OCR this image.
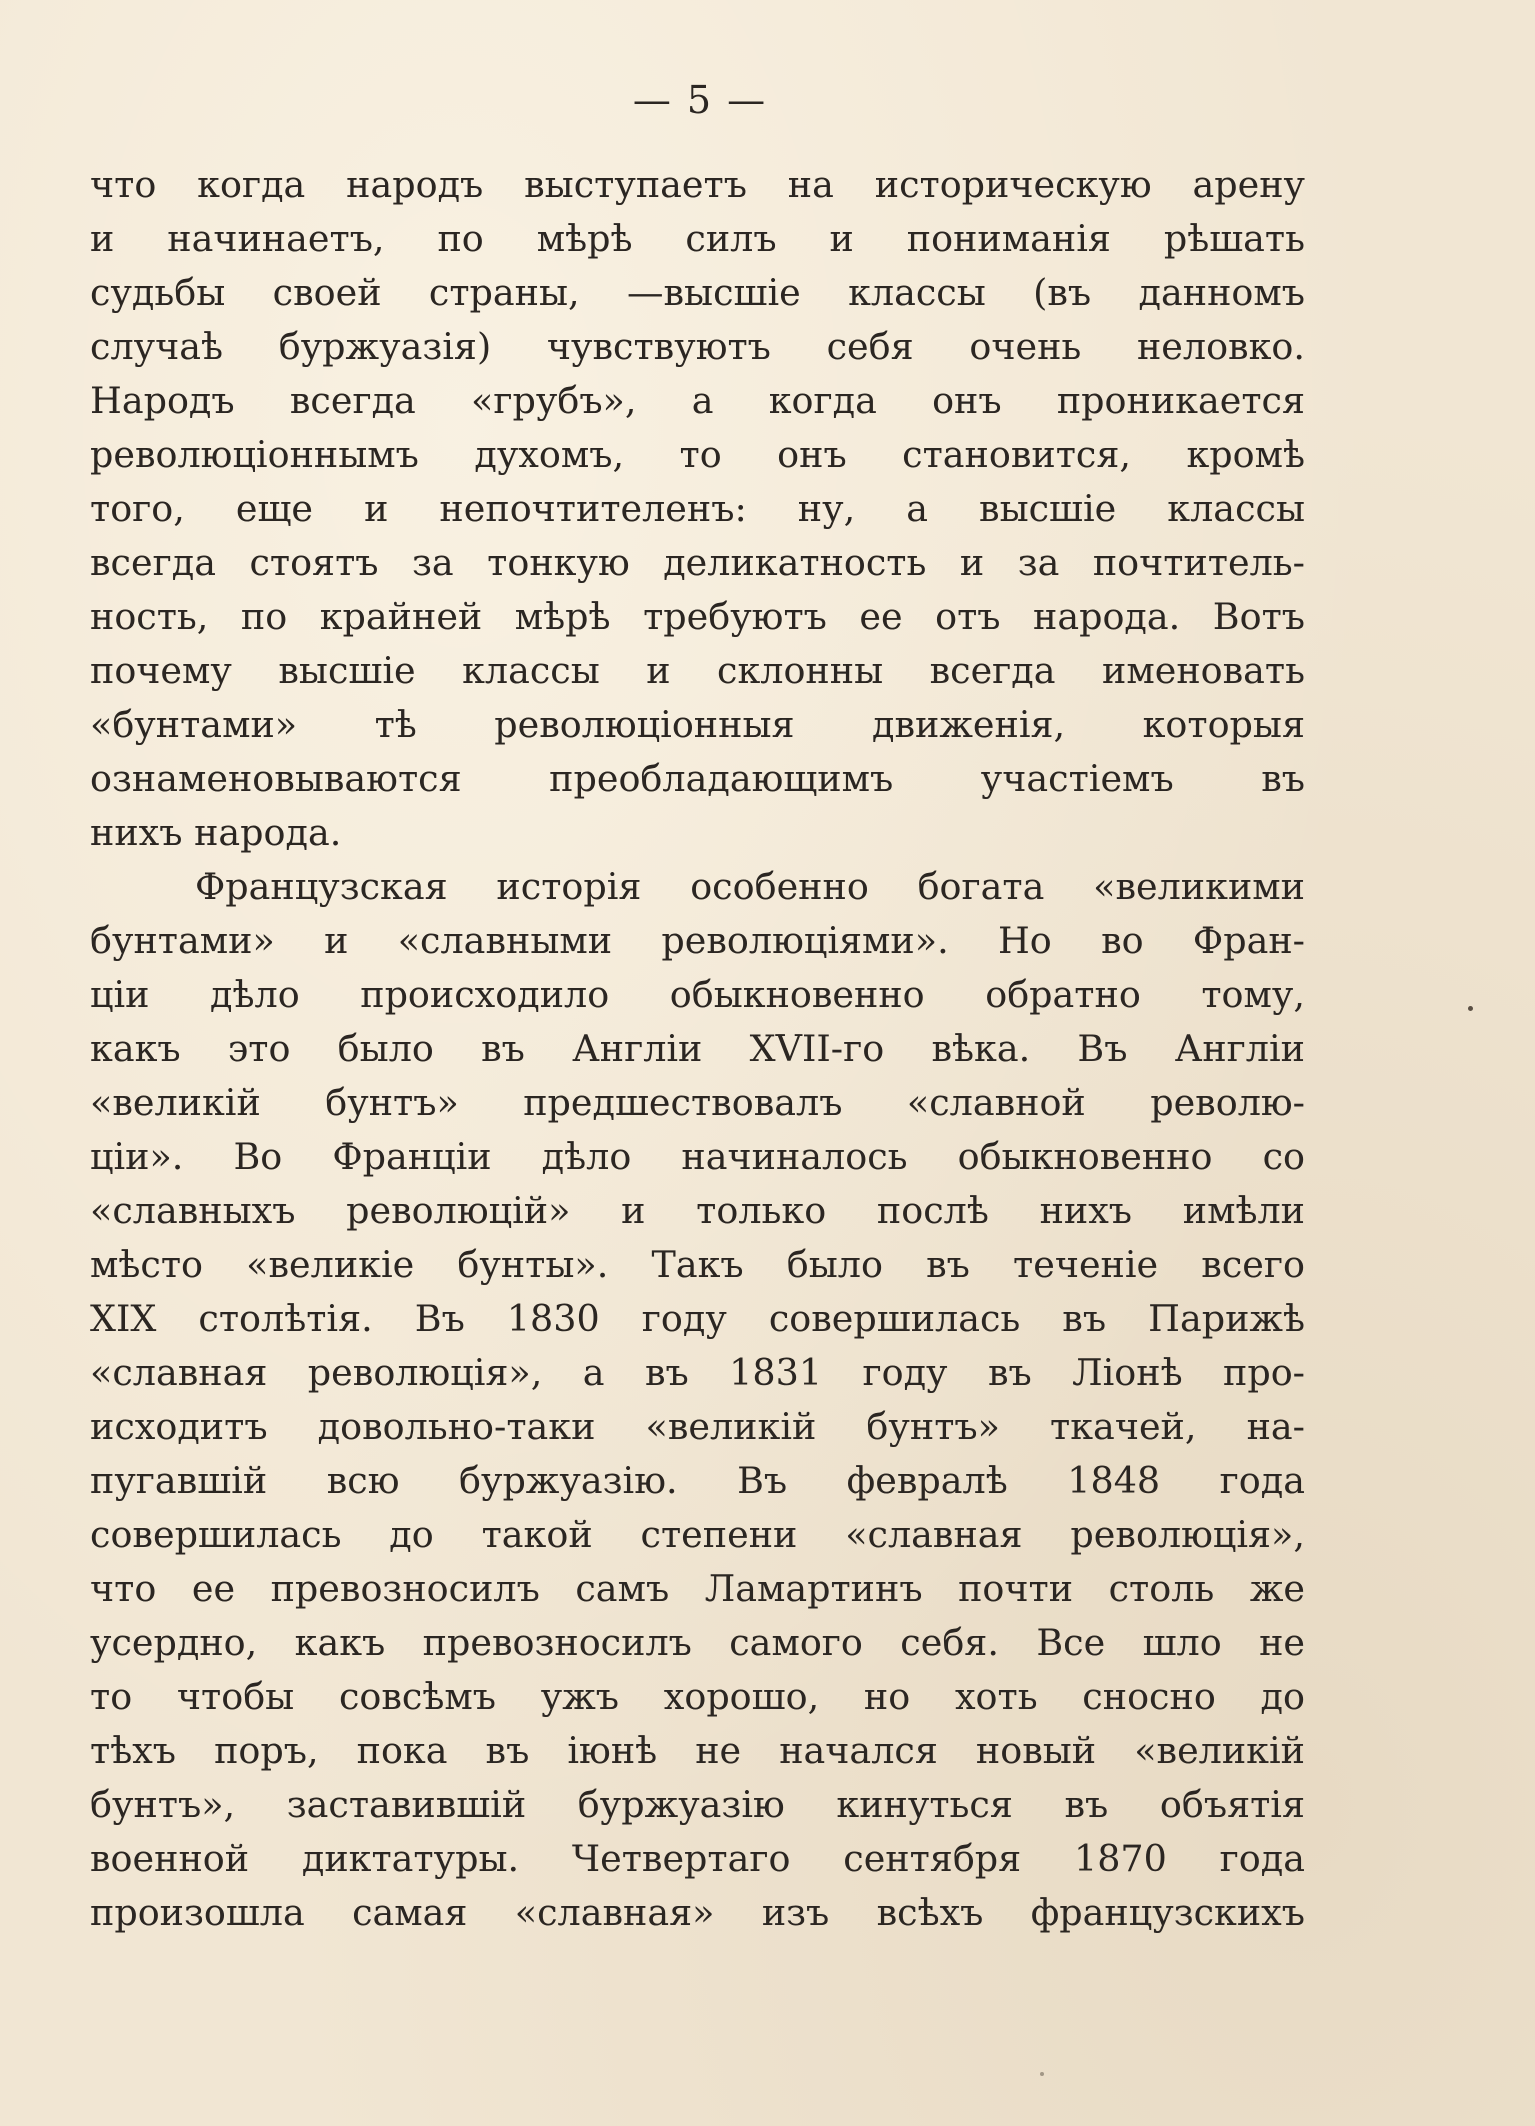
— 5 —
что когда народъ выступаетъ на историческую арену
и начинаетъ, по мѣрѣ силъ и пониманія рѣшать
судьбы своей страны, —высшіе классы (въ данномъ
случаѣ буржуазія) чувствуютъ себя очень неловко.
Народъ всегда «грубъ», а когда онъ проникается
революціоннымъ духомъ, то онъ становится, кромѣ
того, еще и непочтителенъ: ну, а высшіе классы
всегда стоятъ за тонкую деликатность и за почтитель-
ность, по крайней мѣрѣ требуютъ ее отъ народа. Вотъ
почему высшіе классы и склонны всегда именовать
«бунтами» тѣ революціонныя движенія, которыя
ознаменовываются преобладающимъ участіемъ въ
нихъ народа.
Французская исторія особенно богата «великими
бунтами» и «славными революціями». Но во Фран-
ціи дѣло происходило обыкновенно обратно тому,
какъ это было въ Англіи XVII-го вѣка. Въ Англіи
«великій бунтъ» предшествовалъ «славной револю-
ціи». Во Франціи дѣло начиналось обыкновенно со
«славныхъ революцій» и только послѣ нихъ имѣли
мѣсто «великіе бунты». Такъ было въ теченіе всего
XIX столѣтія. Въ 1830 году совершилась въ Парижѣ
«славная революція», а въ 1831 году въ Ліонѣ про-
исходитъ довольно-таки «великій бунтъ» ткачей, на-
пугавшій всю буржуазію. Въ февралѣ 1848 года
совершилась до такой степени «славная революція»,
что ее превозносилъ самъ Ламартинъ почти столь же
усердно, какъ превозносилъ самого себя. Все шло не
то чтобы совсѣмъ ужъ хорошо, но хоть сносно до
тѣхъ поръ, пока въ іюнѣ не начался новый «великій
бунтъ», заставившій буржуазію кинуться въ объятія
военной диктатуры. Четвертаго сентября 1870 года
произошла самая «славная» изъ всѣхъ французскихъ
